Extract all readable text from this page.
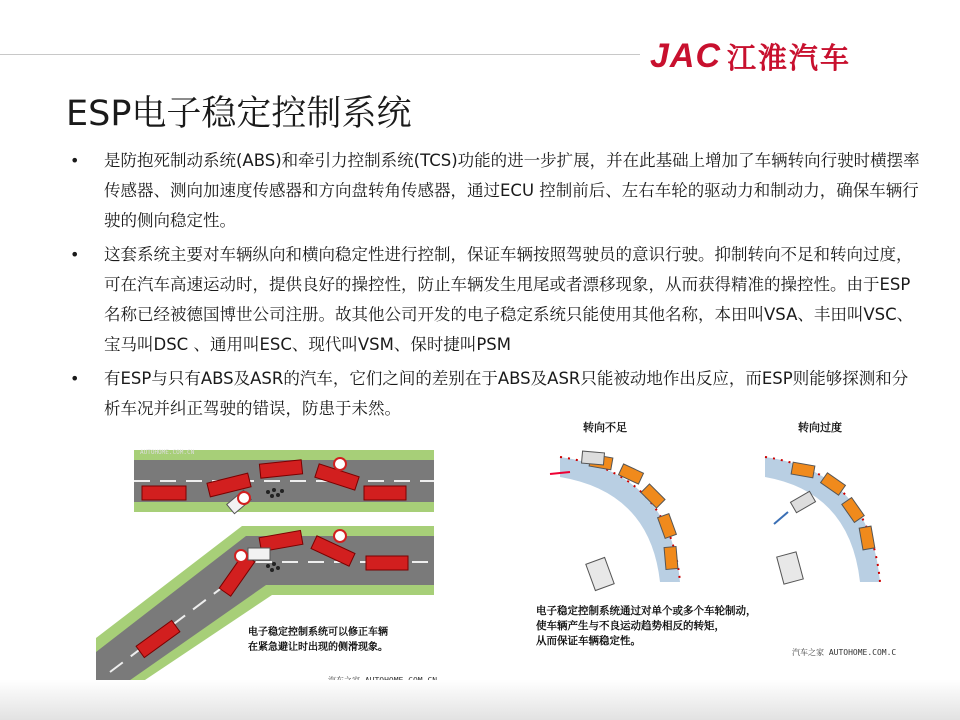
JAC 江淮汽车
ESP电子稳定控制系统
• 是防抱死制动系统(ABS)和牵引力控制系统(TCS)功能的进一步扩展，并在此基础上增加了车辆转向行驶时横摆率传感器、测向加速度传感器和方向盘转角传感器，通过ECU 控制前后、左右车轮的驱动力和制动力，确保车辆行驶的侧向稳定性。
• 这套系统主要对车辆纵向和横向稳定性进行控制，保证车辆按照驾驶员的意识行驶。抑制转向不足和转向过度，可在汽车高速运动时，提供良好的操控性，防止车辆发生甩尾或者漂移现象，从而获得精准的操控性。由于ESP名称已经被德国博世公司注册。故其他公司开发的电子稳定系统只能使用其他名称，本田叫VSA、丰田叫VSC、宝马叫DSC 、通用叫ESC、现代叫VSM、保时捷叫PSM
• 有ESP与只有ABS及ASR的汽车，它们之间的差别在于ABS及ASR只能被动地作出反应，而ESP则能够探测和分析车况并纠正驾驶的错误，防患于未然。
AUTOHOME.COM.CN
电子稳定控制系统可以修正车辆
在紧急避让时出现的侧滑现象。
转向不足	转向过度
电子稳定控制系统通过对单个或多个车轮制动，
使车辆产生与不良运动趋势相反的转矩，
从而保证车辆稳定性。
汽车之家 AUTOHOME.COM.C
